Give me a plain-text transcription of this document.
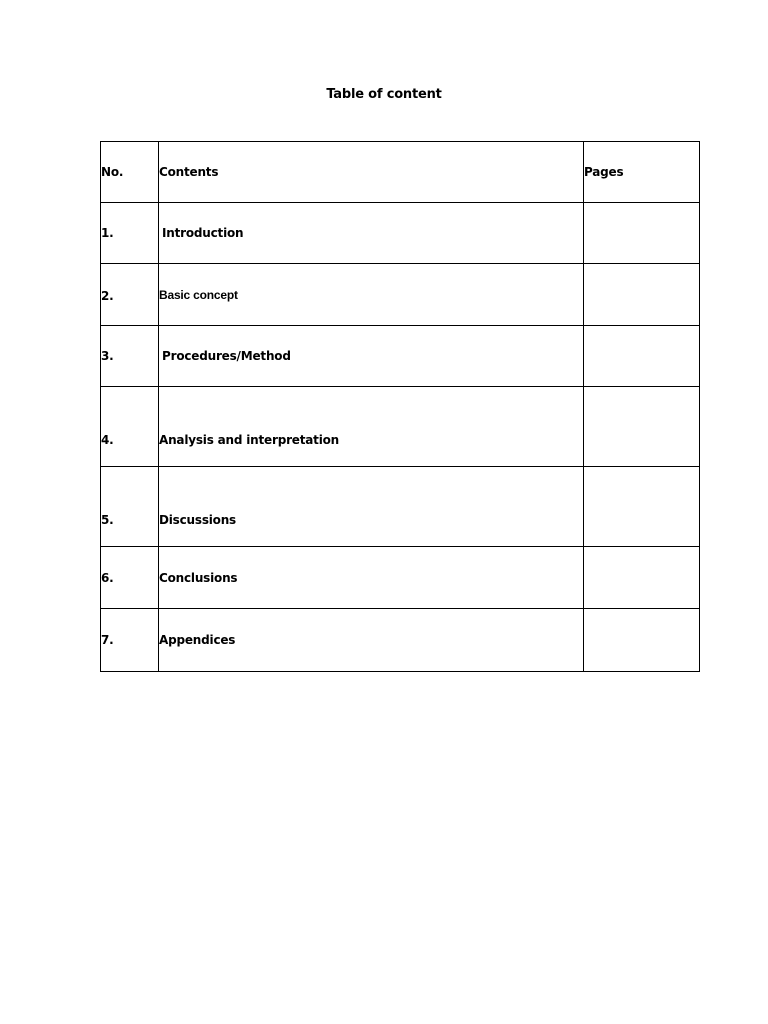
Table of content
No.	Contents	Pages
1.	Introduction	

2.	Basic concept	
3.	Procedures/Method	

4.	Analysis and interpretation	

5.	Discussions	

6.	Conclusions	
7.	Appendices	
